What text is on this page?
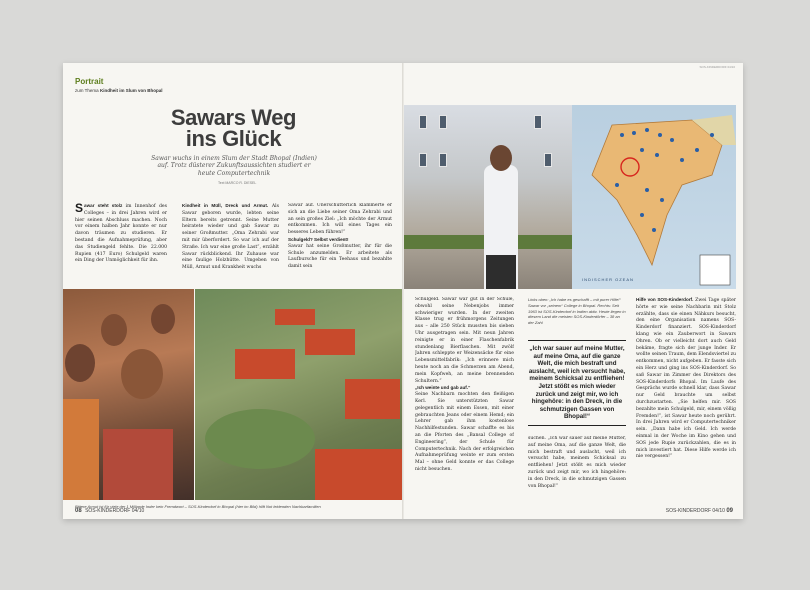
Portrait
zum Thema Kindheit im Slum von Bhopal
Sawars Weg ins Glück
Sawar wuchs in einem Slum der Stadt Bhopal (Indien) auf. Trotz düsterer Zukunftsaussichten studiert er heute Computertechnik
Text MARCO R. DIESEL
S awar steht stolz im Innenhof des Colleges – in drei Jahren wird er hier seinen Abschluss machen. Noch vor einem halben Jahr konnte er nur davon träumen zu studieren. Er bestand die Aufnahmeprüfung, aber das Studiengeld fehlte. Die 22.000 Rupien (417 Euro) Schulgeld waren ein Ding der Unmöglichkeit für ihn.
Kindheit in Müll, Dreck und Armut. Als Sawar geboren wurde, lebten seine Eltern bereits getrennt. Seine Mutter heiratete wieder und gab Sawar zu seiner Großmutter. „Oma Zehrabi war mit mir überfordert. So war ich auf der Straße. Ich war eine große Last“, erzählt Sawar rückblickend. Ihr Zuhause war eine faulige Holzhütte. Umgeben von Müll, Armut und Krankheit wuchs
Sawar auf. Unerschütterlich klammerte er sich an die Liebe seiner Oma Zehrabi und an sein großes Ziel: „Ich möchte der Armut entkommen. Ich will eines Tages ein besseres Leben führen!“
Schulgeld? Selbst verdient!
Sawar hat seine Großmutter, ihr für die Schule anzumelden. Er arbeitete als Laufbursche für ein Teehaus und bezahlte damit sein
Bittere Armut ist für viele der 1 Milliarde Inder kein Fremdwort – SOS-Kinderdorf in Bhopal (hier im Bild) hilft Not leidenden Nachbarfamilien
08 SOS-KINDERDORF 04/10
SOS-KINDERDORF 04/10
INDISCHER OZEAN
Schulgeld. Sawar war gut in der Schule, obwohl seine Nebenjobs immer schwieriger wurden. In der zweiten Klasse trug er frühmorgens Zeitungen aus – alle 250 Stück mussten bis sieben Uhr ausgetragen sein. Mit neun Jahren reinigte er in einer Flaschenfabrik stundenlang Bierflaschen. Mit zwölf Jahren schleppte er Weizensäcke für eine Lebensmittelfabrik: „Ich erinnere mich heute noch an die Schmerzen am Abend, mein Kopfweh, an meine brennenden Schultern.“
„Ich weinte und gab auf.“
Seine Nachbarn mochten den fleißigen Kerl. Sie unterstützten Sawar gelegentlich mit einem Essen, mit einer gebrauchten Jeans oder einem Hemd; ein Lehrer gab ihm kostenlose Nachhilfestunden. Sawar schaffte es bis an die Pforten des „Bansal College of Engineering“, der Schule für Computertechnik. Nach der erfolgreichen Aufnahmeprüfung weinte er zum ersten Mal – ohne Geld konnte er das College nicht besuchen.
Links oben: „Ich habe es geschafft – mit purer Hilfe!“ Sawar vor „seinem“ College in Bhopal. Rechts: Seit 1963 ist SOS-Kinderdorf in Indien aktiv. Heute liegen in diesem Land die meisten SOS-Kinderdörfer – 38 an der Zahl
„Ich war sauer auf meine Mutter, auf meine Oma, auf die ganze Welt, die mich bestraft und auslacht, weil ich versucht habe, meinem Schicksal zu entfliehen! Jetzt stößt es mich wieder zurück und zeigt mir, wo ich hingehöre: in den Dreck, in die schmutzigen Gassen von Bhopal!“
suchen. „Ich war sauer auf meine Mutter, auf meine Oma, auf die ganze Welt, die mich bestraft und auslacht, weil ich versucht habe, meinem Schicksal zu entfliehen! Jetzt stößt es mich wieder zurück und zeigt mir, wo ich hingehöre: in den Dreck, in die schmutzigen Gassen von Bhopal!“
Hilfe von SOS-Kinderdorf. Zwei Tage später hörte er wie seine Nachbarin mit Stolz erzählte, dass sie einen Nähkurs besucht, den eine Organisation namens SOS-Kinderdorf finanziert. SOS-Kinderdorf klang wie ein Zauberwort in Sawars Ohren. Ob er vielleicht dort auch Geld bekäme, fragte sich der junge Inder. Er wollte seinen Traum, dem Elendsviertel zu entkommen, nicht aufgeben. Er fasste sich ein Herz und ging ins SOS-Kinderdorf. So saß Sawar im Zimmer des Direktors des SOS-Kinderdorfs Bhopal. Im Laufe des Gesprächs wurde schnell klar, dass Sawar nur Geld brauchte um selbst durchzustarten. „Sie helfen mir. SOS bezahlte mein Schulgeld, mir, einem völlig Fremden!“, ist Sawar heute noch gerührt. In drei Jahren wird er Computertechniker sein. „Dann habe ich Geld. Ich werde einmal in der Woche im Kino gehen und SOS jede Rupie zurückzahlen, die es in mich investiert hat. Diese Hilfe werde ich nie vergessen!“
SOS-KINDERDORF 04/10 09
